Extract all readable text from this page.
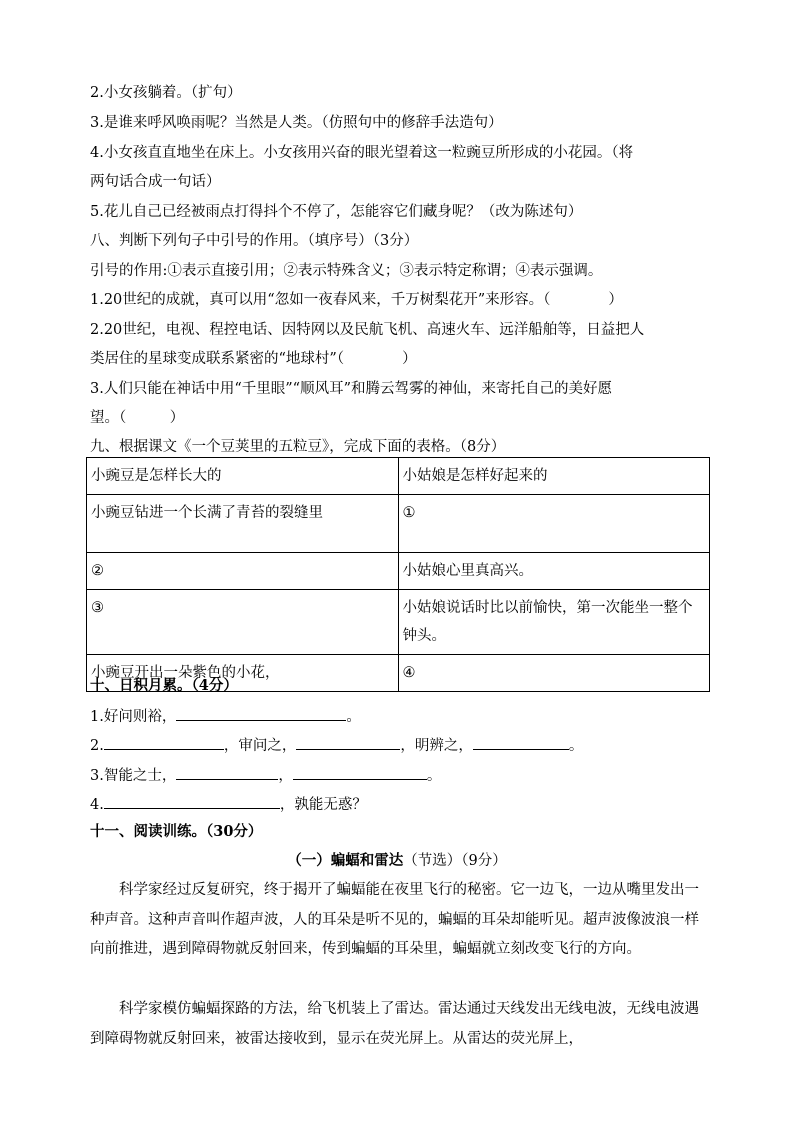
2.小女孩躺着。（扩句）
3.是谁来呼风唤雨呢？当然是人类。（仿照句中的修辞手法造句）
4.小女孩直直地坐在床上。小女孩用兴奋的眼光望着这一粒豌豆所形成的小花园。（将
两句话合成一句话）
5.花儿自己已经被雨点打得抖个不停了，怎能容它们藏身呢？（改为陈述句）
八、判断下列句子中引号的作用。（填序号）（3分）
引号的作用:①表示直接引用；②表示特殊含义；③表示特定称谓；④表示强调。
1.20世纪的成就，真可以用“忽如一夜春风来，千万树梨花开”来形容。（　　　　）
2.20世纪，电视、程控电话、因特网以及民航飞机、高速火车、远洋船舶等，日益把人
类居住的星球变成联系紧密的“地球村”（　　　　）
3.人们只能在神话中用“千里眼”“顺风耳”和腾云驾雾的神仙，来寄托自己的美好愿
望。（　　　）
九、根据课文《一个豆荚里的五粒豆》，完成下面的表格。（8分）
小豌豆是怎样长大的	小姑娘是怎样好起来的
小豌豆钻进一个长满了青苔的裂缝里	①
②	小姑娘心里真高兴。
③	小姑娘说话时比以前愉快，第一次能坐一整个钟头。
小豌豆开出一朵紫色的小花，	④
十、日积月累。（4分）
1.好问则裕，	。
2.	，审问之，	，明辨之，	。
3.智能之士，	，	。
4.	，孰能无惑？
十一、阅读训练。（30分）
（一）蝙蝠和雷达（节选）（9分）
科学家经过反复研究，终于揭开了蝙蝠能在夜里飞行的秘密。它一边飞，一边从嘴里发出一种声音。这种声音叫作超声波，人的耳朵是听不见的，蝙蝠的耳朵却能听见。超声波像波浪一样向前推进，遇到障碍物就反射回来，传到蝙蝠的耳朵里，蝙蝠就立刻改变飞行的方向。
科学家模仿蝙蝠探路的方法，给飞机装上了雷达。雷达通过天线发出无线电波，无线电波遇到障碍物就反射回来，被雷达接收到，显示在荧光屏上。从雷达的荧光屏上，
